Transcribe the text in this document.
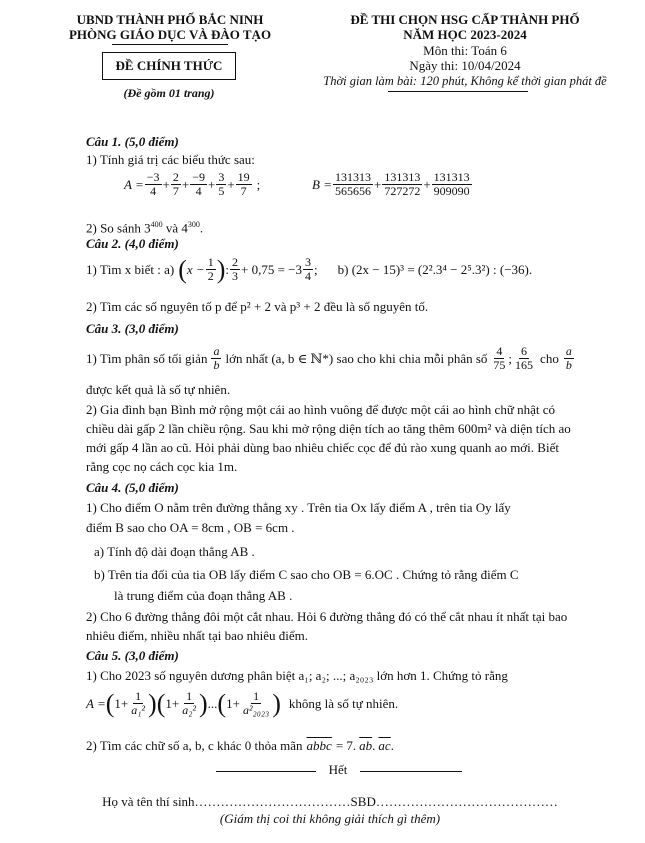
UBND THÀNH PHỐ BẮC NINH
PHÒNG GIÁO DỤC VÀ ĐÀO TẠO
ĐỀ CHÍNH THỨC
(Đề gồm 01 trang)
ĐỀ THI CHỌN HSG CẤP THÀNH PHỐ
NĂM HỌC 2023-2024
Môn thi: Toán 6
Ngày thi: 10/04/2024
Thời gian làm bài: 120 phút, Không kể thời gian phát đề
Câu 1. (5,0 điểm)
1) Tính giá trị các biểu thức sau:
$A = \frac{-3}{4} + \frac{2}{7} + \frac{-9}{4} + \frac{3}{5} + \frac{19}{7}$ ;	$B = \frac{131313}{565656} + \frac{131313}{727272} + \frac{131313}{909090}$
2) So sánh $3^{400}$ và $4^{300}$.
Câu 2. (4,0 điểm)
1) Tìm x biết : a) ( $x - \frac{1}{2}$ ) : $\frac{2}{3} + 0,75 = -3 \frac{3}{4}$ ; b) (2x − 15)³ = (2².3⁴ − 2⁵.3²) : (−36).
2) Tìm các số nguyên tố p để p² + 2 và p³ + 2 đều là số nguyên tố.
Câu 3. (3,0 điểm)
1) Tìm phân số tối giản $\frac{a}{b}$ lớn nhất (a, b ∈ ℕ*) sao cho khi chia mỗi phân số $\frac{4}{75}$ ; $\frac{6}{165}$ cho $\frac{a}{b}$
được kết quả là số tự nhiên.
2) Gia đình bạn Bình mở rộng một cái ao hình vuông để được một cái ao hình chữ nhật có
chiều dài gấp 2 lần chiều rộng. Sau khi mở rộng diện tích ao tăng thêm 600m² và diện tích ao
mới gấp 4 lần ao cũ. Hỏi phải dùng bao nhiêu chiếc cọc để đủ rào xung quanh ao mới. Biết
rằng cọc nọ cách cọc kia 1m.
Câu 4. (5,0 điểm)
1) Cho điểm O nằm trên đường thẳng xy . Trên tia Ox lấy điểm A , trên tia Oy lấy
điểm B sao cho OA = 8cm , OB = 6cm .
a) Tính độ dài đoạn thẳng AB .
b) Trên tia đối của tia OB lấy điểm C sao cho OB = 6.OC . Chứng tỏ rằng điểm C
là trung điểm của đoạn thẳng AB .
2) Cho 6 đường thẳng đôi một cắt nhau. Hỏi 6 đường thẳng đó có thể cắt nhau ít nhất tại bao
nhiêu điểm, nhiều nhất tại bao nhiêu điểm.
Câu 5. (3,0 điểm)
1) Cho 2023 số nguyên dương phân biệt a₁; a₂; ...; a₂₀₂₃ lớn hơn 1. Chứng tỏ rằng
A = ( $1 + \frac{1}{\text{a₁²}}$ ) ( $1 + \frac{1}{\text{a₂²}}$ ) ... ( $1 + \frac{1}{\text{a²₂₀₂₃}}$ ) không là số tự nhiên.
2) Tìm các chữ số a, b, c khác 0 thỏa mãn abbc = 7. $\overline{ab}$ . $\overline{ac}$ .
Hết
Họ và tên thí sinh………………………………SBD……………………………………
(Giám thị coi thi không giải thích gì thêm)
